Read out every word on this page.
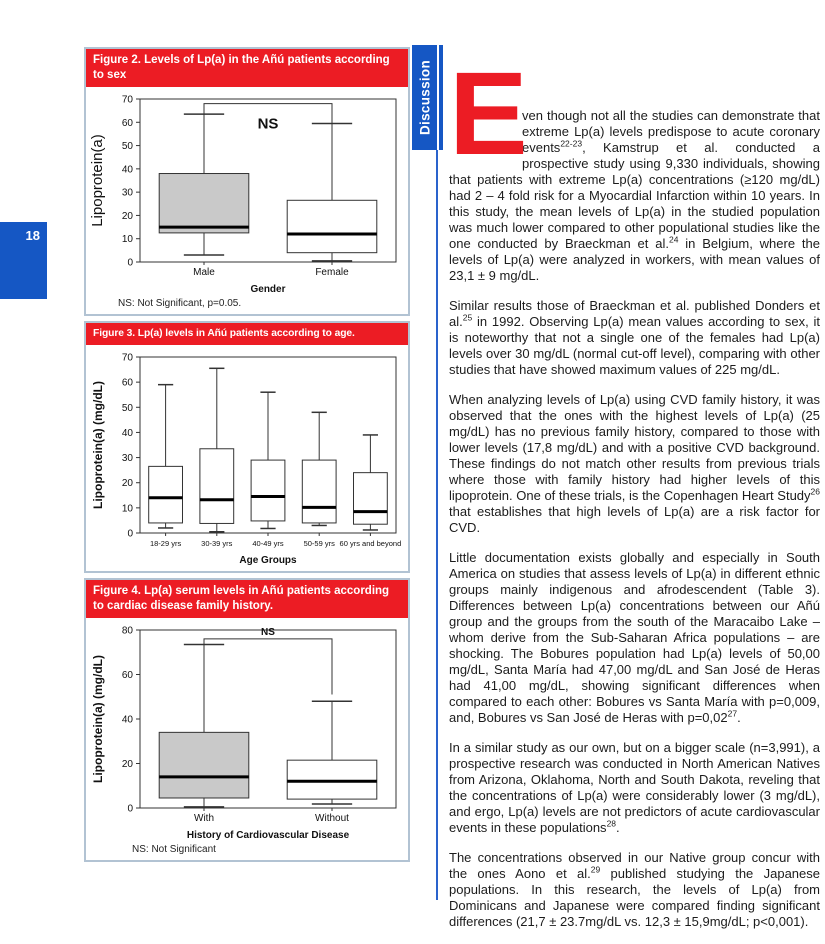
18
Figure 2. Levels of Lp(a) in the Añú patients according to sex
0
10
20
30
40
50
60
70
Lipoprotein(a)
Male	Female
Gender
NS
NS: Not Significant, p=0.05.
Figure 3. Lp(a) levels in Añú patients according to age.
0
10
20
30
40
50
60
70
Lipoprotein(a) (mg/dL)
18-29 yrs	30-39 yrs	40-49 yrs	50-59 yrs 60 yrs and beyond
Age Groups
Figure 4. Lp(a) serum levels in Añú patients according to cardiac disease family history.
0
20
40
60
80
Lipoprotein(a) (mg/dL)
With	Without
History of Cardiovascular Disease
NS
NS: Not Significant
Discussion E
ven though not all the studies can demonstrate that extreme Lp(a) levels predispose to acute coronary events$^{22-23}$, Kamstrup et al. conducted a prospective study using 9,330 individuals, showing that patients with extreme Lp(a) concentrations (≥120 mg/dL) had 2 – 4 fold risk for a Myocardial Infarction within 10 years. In this study, the mean levels of Lp(a) in the studied population was much lower compared to other populational studies like the one conducted by Braeckman et al.$^{24}$ in Belgium, where the levels of Lp(a) were analyzed in workers, with mean values of 23,1 ± 9 mg/dL.

Similar results those of Braeckman et al. published Donders et al.$^{25}$ in 1992. Observing Lp(a) mean values according to sex, it is noteworthy that not a single one of the females had Lp(a) levels over 30 mg/dL (normal cut-off level), comparing with other studies that have showed maximum values of 225 mg/dL.

When analyzing levels of Lp(a) using CVD family history, it was observed that the ones with the highest levels of Lp(a) (25 mg/dL) has no previous family history, compared to those with lower levels (17,8 mg/dL) and with a positive CVD background. These findings do not match other results from previous trials where those with family history had higher levels of this lipoprotein. One of these trials, is the Copenhagen Heart Study$^{26}$ that establishes that high levels of Lp(a) are a risk factor for CVD.

Little documentation exists globally and especially in South America on studies that assess levels of Lp(a) in different ethnic groups mainly indigenous and afrodescendent (Table 3). Differences between Lp(a) concentrations between our Añú group and the groups from the south of the Maracaibo Lake – whom derive from the Sub-Saharan Africa populations – are shocking. The Bobures population had Lp(a) levels of 50,00 mg/dL, Santa María had 47,00 mg/dL and San José de Heras had 41,00 mg/dL, showing significant differences when compared to each other: Bobures vs Santa María with p=0,009, and, Bobures vs San José de Heras with $p=0,02^{27}$.

In a similar study as our own, but on a bigger scale (n=3,991), a prospective research was conducted in North American Natives from Arizona, Oklahoma, North and South Dakota, reveling that the concentrations of Lp(a) were considerably lower (3 mg/dL), and ergo, Lp(a) levels are not predictors of acute cardiovascular events in these populations$^{28}$.

The concentrations observed in our Native group concur with the ones Aono et al.$^{29}$ published studying the Japanese populations. In this research, the levels of Lp(a) from Dominicans and Japanese were compared finding significant differences (21,7 ± 23.7mg/dL vs. 12,3 ± 15,9mg/dL; p<0,001).
